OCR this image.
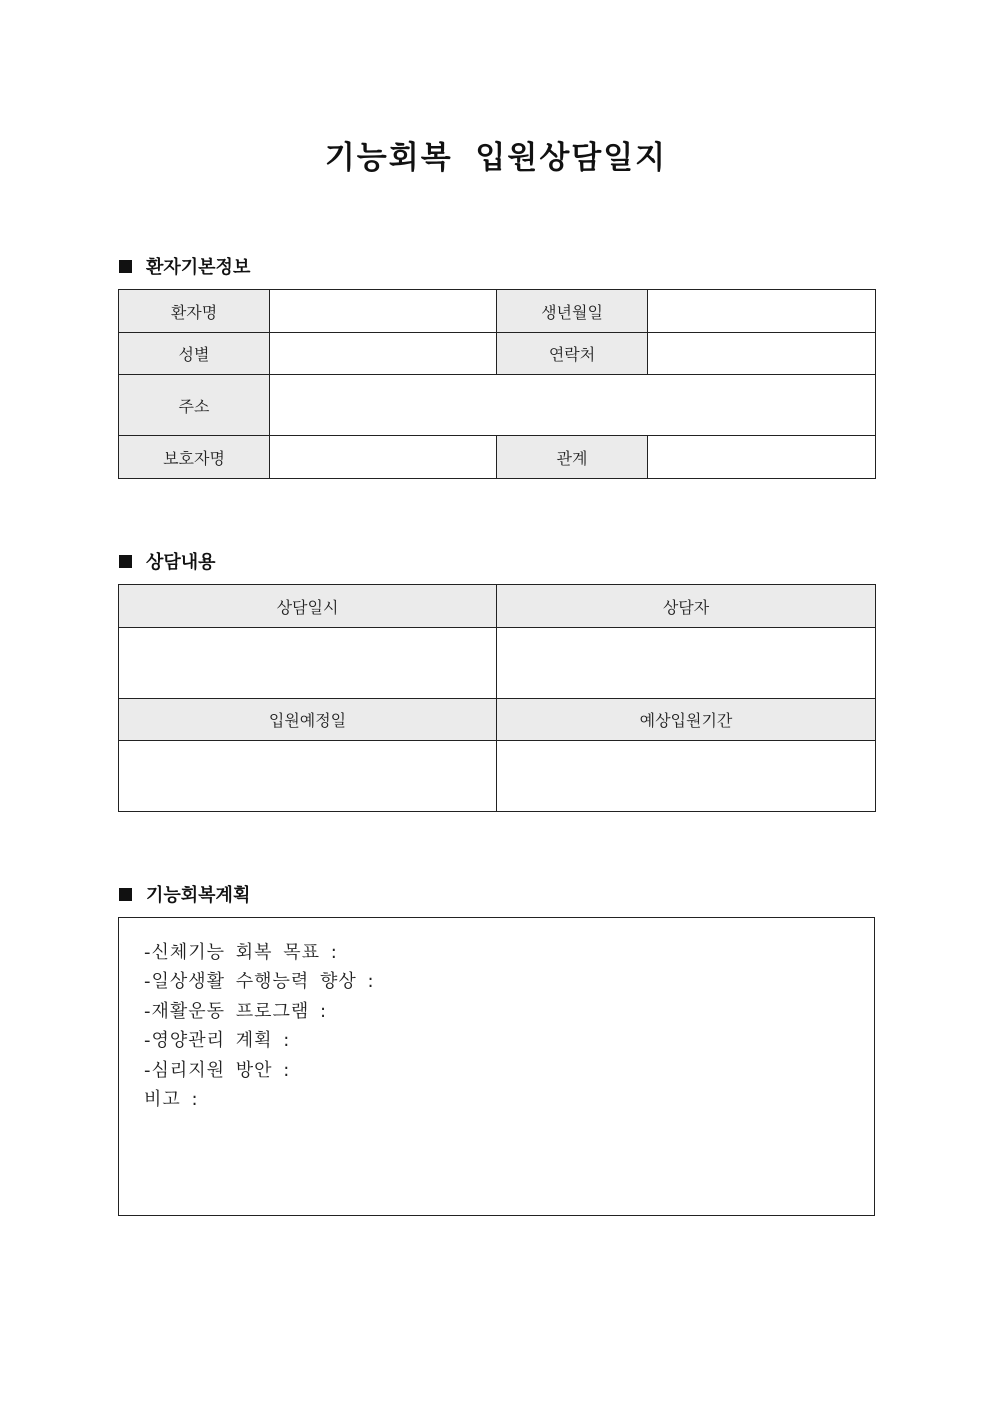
기능회복 입원상담일지
환자기본정보
환자명		생년월일	
성별		연락처	
주소			
보호자명		관계	
상담내용
상담일시	상담자

입원예정일	예상입원기간

기능회복계획
-신체기능 회복 목표 :
-일상생활 수행능력 향상 :
-재활운동 프로그램 :
-영양관리 계획 :
-심리지원 방안 :
비고 :
